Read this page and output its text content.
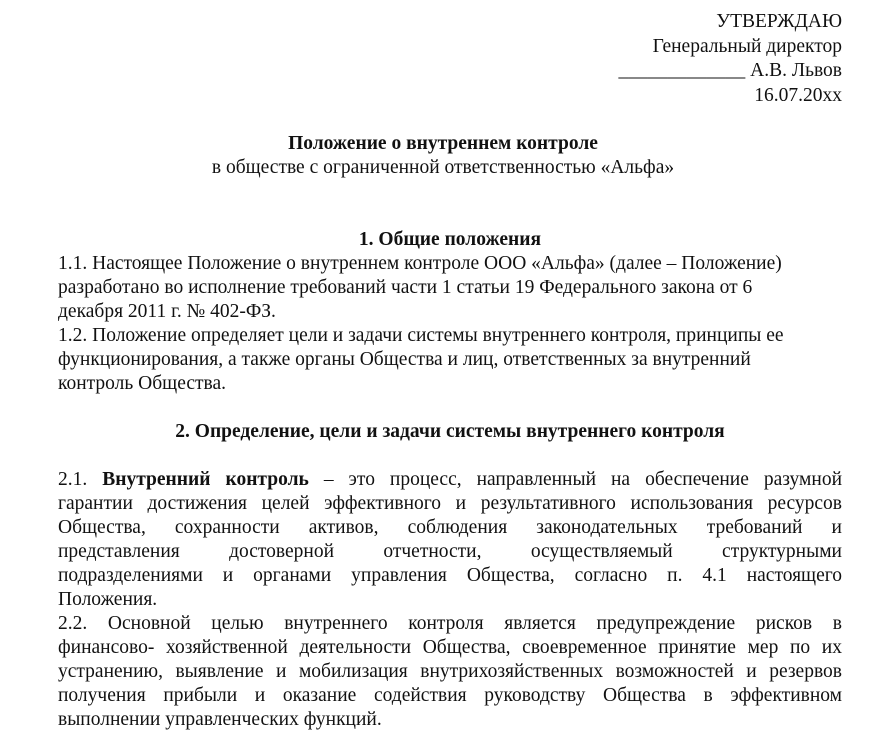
УТВЕРЖДАЮ
Генеральный директор
_____________ А.В. Львов
16.07.20хх
Положение о внутреннем контроле
в обществе с ограниченной ответственностью «Альфа»
1. Общие положения
1.1. Настоящее Положение о внутреннем контроле ООО «Альфа» (далее – Положение)
разработано во исполнение требований части 1 статьи 19 Федерального закона от 6
декабря 2011 г. № 402-ФЗ.
1.2. Положение определяет цели и задачи системы внутреннего контроля, принципы ее
функционирования, а также органы Общества и лиц, ответственных за внутренний
контроль Общества.
2. Определение, цели и задачи системы внутреннего контроля
2.1. Внутренний контроль – это процесс, направленный на обеспечение разумной
гарантии достижения целей эффективного и результативного использования ресурсов
Общества, сохранности активов, соблюдения законодательных требований и
представления достоверной отчетности, осуществляемый структурными
подразделениями и органами управления Общества, согласно п. 4.1 настоящего
Положения.
2.2. Основной целью внутреннего контроля является предупреждение рисков в
финансово- хозяйственной деятельности Общества, своевременное принятие мер по их
устранению, выявление и мобилизация внутрихозяйственных возможностей и резервов
получения прибыли и оказание содействия руководству Общества в эффективном
выполнении управленческих функций.
